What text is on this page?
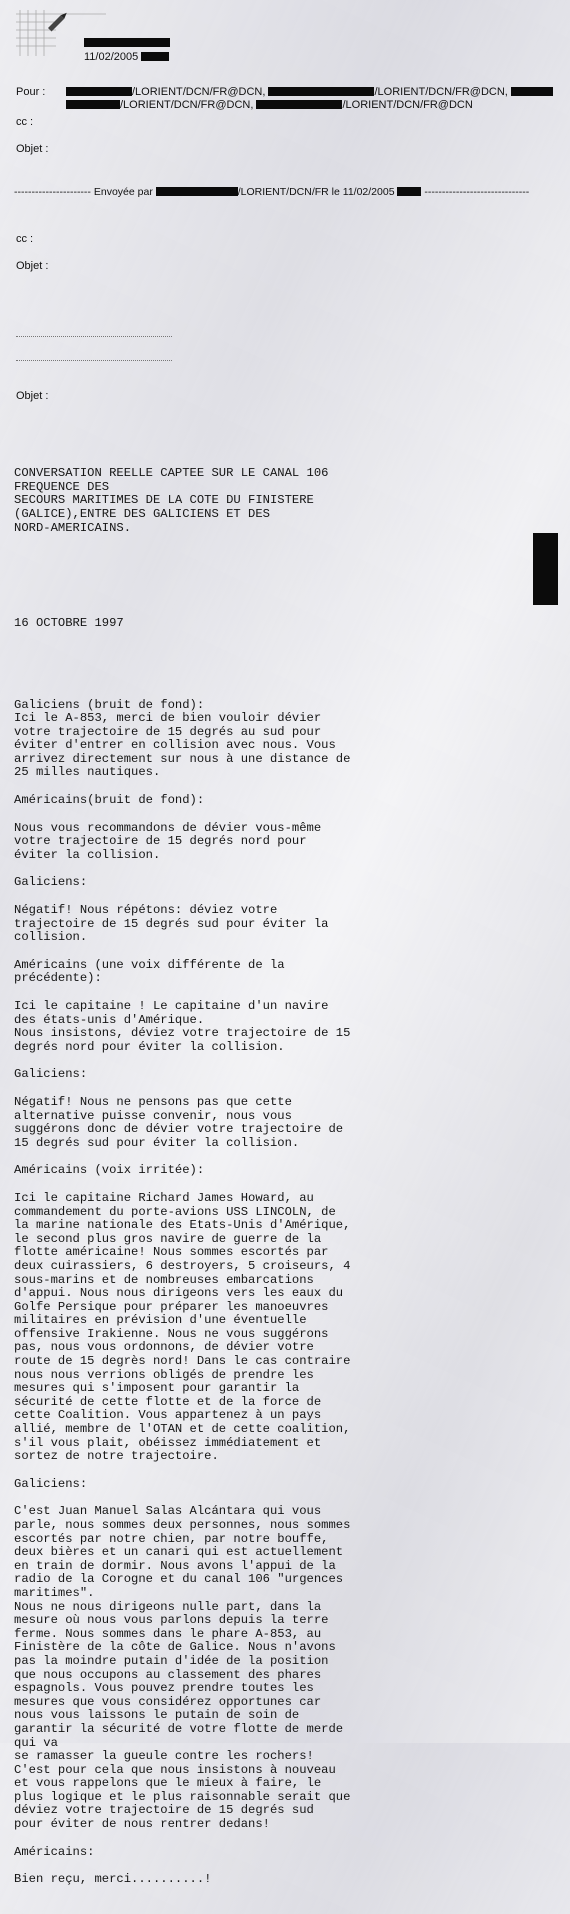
11/02/2005
Pour :	/LORIENT/DCN/FR@DCN,	/LORIENT/DCN/FR@DCN,
/LORIENT/DCN/FR@DCN,	/LORIENT/DCN/FR@DCN
cc :
Objet :
---------------------- Envoyée par	/LORIENT/DCN/FR le 11/02/2005	------------------------------
cc :
Objet :
Objet :

CONVERSATION REELLE CAPTEE SUR LE CANAL 106
FREQUENCE DES
SECOURS MARITIMES DE LA COTE DU FINISTERE
(GALICE),ENTRE DES GALICIENS ET DES
NORD-AMERICAINS.

16 OCTOBRE 1997

Galiciens (bruit de fond):
Ici le A-853, merci de bien vouloir dévier
votre trajectoire de 15 degrés au sud pour
éviter d'entrer en collision avec nous. Vous
arrivez directement sur nous à une distance de
25 milles nautiques.
Américains(bruit de fond):
Nous vous recommandons de dévier vous-même
votre trajectoire de 15 degrés nord pour
éviter la collision.
Galiciens:
Négatif! Nous répétons: déviez votre
trajectoire de 15 degrés sud pour éviter la
collision.
Américains (une voix différente de la
précédente):
Ici le capitaine ! Le capitaine d'un navire
des états-unis d'Amérique.
Nous insistons, déviez votre trajectoire de 15
degrés nord pour éviter la collision.
Galiciens:
Négatif! Nous ne pensons pas que cette
alternative puisse convenir, nous vous
suggérons donc de dévier votre trajectoire de
15 degrés sud pour éviter la collision.
Américains (voix irritée):
Ici le capitaine Richard James Howard, au
commandement du porte-avions USS LINCOLN, de
la marine nationale des Etats-Unis d'Amérique,
le second plus gros navire de guerre de la
flotte américaine! Nous sommes escortés par
deux cuirassiers, 6 destroyers, 5 croiseurs, 4
sous-marins et de nombreuses embarcations
d'appui. Nous nous dirigeons vers les eaux du
Golfe Persique pour préparer les manoeuvres
militaires en prévision d'une éventuelle
offensive Irakienne. Nous ne vous suggérons
pas, nous vous ordonnons, de dévier votre
route de 15 degrès nord! Dans le cas contraire
nous nous verrions obligés de prendre les
mesures qui s'imposent pour garantir la
sécurité de cette flotte et de la force de
cette Coalition. Vous appartenez à un pays
allié, membre de l'OTAN et de cette coalition,
s'il vous plait, obéissez immédiatement et
sortez de notre trajectoire.
Galiciens:
C'est Juan Manuel Salas Alcántara qui vous
parle, nous sommes deux personnes, nous sommes
escortés par notre chien, par notre bouffe,
deux bières et un canari qui est actuellement
en train de dormir. Nous avons l'appui de la
radio de la Corogne et du canal 106 "urgences
maritimes".
Nous ne nous dirigeons nulle part, dans la
mesure où nous vous parlons depuis la terre
ferme. Nous sommes dans le phare A-853, au
Finistère de la côte de Galice. Nous n'avons
pas la moindre putain d'idée de la position
que nous occupons au classement des phares
espagnols. Vous pouvez prendre toutes les
mesures que vous considérez opportunes car
nous vous laissons le putain de soin de
garantir la sécurité de votre flotte de merde
qui va
se ramasser la gueule contre les rochers!
C'est pour cela que nous insistons à nouveau
et vous rappelons que le mieux à faire, le
plus logique et le plus raisonnable serait que
déviez votre trajectoire de 15 degrés sud
pour éviter de nous rentrer dedans!
Américains:
Bien reçu, merci..........!
